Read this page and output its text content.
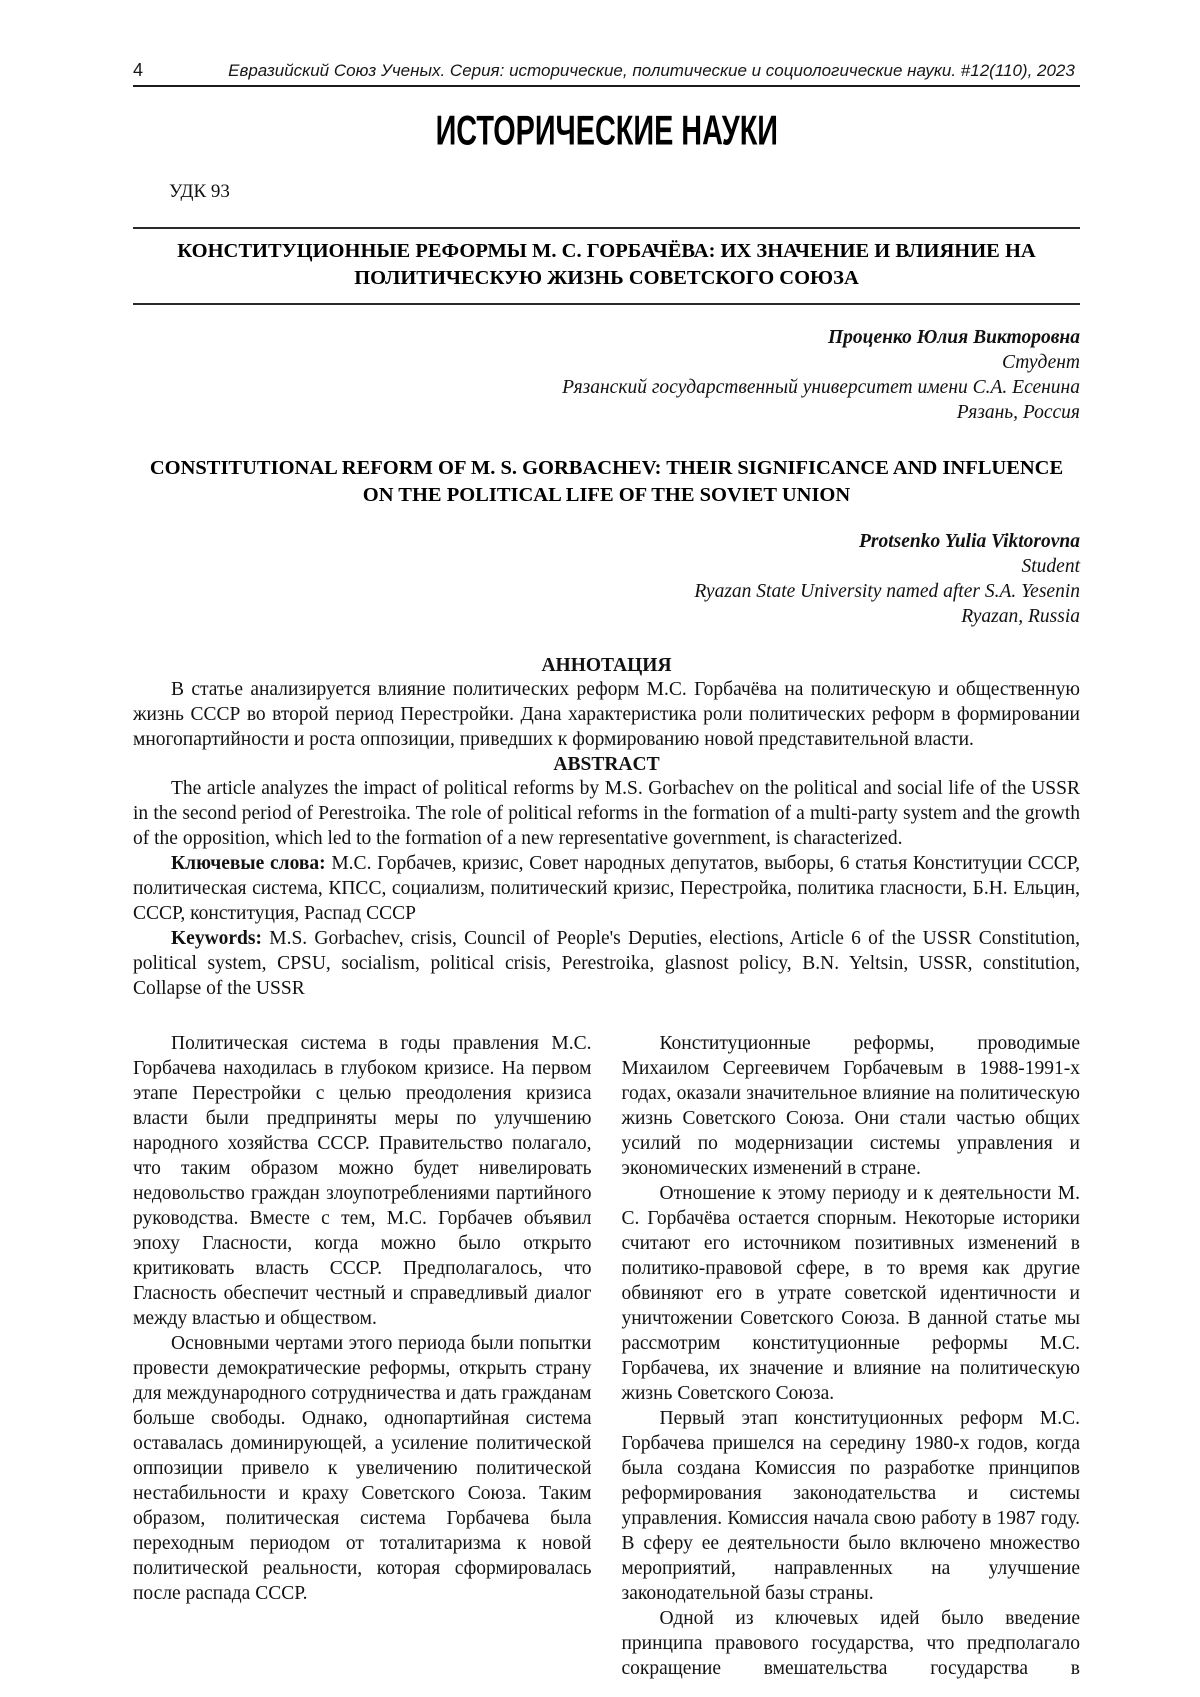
4	Евразийский Союз Ученых. Серия: исторические, политические и социологические науки. #12(110), 2023
ИСТОРИЧЕСКИЕ НАУКИ
УДК 93
КОНСТИТУЦИОННЫЕ РЕФОРМЫ М. С. ГОРБАЧЁВА: ИХ ЗНАЧЕНИЕ И ВЛИЯНИЕ НА ПОЛИТИЧЕСКУЮ ЖИЗНЬ СОВЕТСКОГО СОЮЗА
Проценко Юлия Викторовна
Студент
Рязанский государственный университет имени С.А. Есенина
Рязань, Россия
CONSTITUTIONAL REFORM OF M. S. GORBACHEV: THEIR SIGNIFICANCE AND INFLUENCE ON THE POLITICAL LIFE OF THE SOVIET UNION
Protsenko Yulia Viktorovna
Student
Ryazan State University named after S.A. Yesenin
Ryazan, Russia
АННОТАЦИЯ

В статье анализируется влияние политических реформ М.С. Горбачёва на политическую и общественную жизнь СССР во второй период Перестройки. Дана характеристика роли политических реформ в формировании многопартийности и роста оппозиции, приведших к формированию новой представительной власти.

ABSTRACT

The article analyzes the impact of political reforms by M.S. Gorbachev on the political and social life of the USSR in the second period of Perestroika. The role of political reforms in the formation of a multi-party system and the growth of the opposition, which led to the formation of a new representative government, is characterized.

Ключевые слова: М.С. Горбачев, кризис, Совет народных депутатов, выборы, 6 статья Конституции СССР, политическая система, КПСС, социализм, политический кризис, Перестройка, политика гласности, Б.Н. Ельцин, СССР, конституция, Распад СССР

Keywords: M.S. Gorbachev, crisis, Council of People's Deputies, elections, Article 6 of the USSR Constitution, political system, CPSU, socialism, political crisis, Perestroika, glasnost policy, B.N. Yeltsin, USSR, constitution, Collapse of the USSR

Политическая система в годы правления М.С. Горбачева находилась в глубоком кризисе. На первом этапе Перестройки с целью преодоления кризиса власти были предприняты меры по улучшению народного хозяйства СССР. Правительство полагало, что таким образом можно будет нивелировать недовольство граждан злоупотреблениями партийного руководства. Вместе с тем, М.С. Горбачев объявил эпоху Гласности, когда можно было открыто критиковать власть СССР. Предполагалось, что Гласность обеспечит честный и справедливый диалог между властью и обществом.

Основными чертами этого периода были попытки провести демократические реформы, открыть страну для международного сотрудничества и дать гражданам больше свободы. Однако, однопартийная система оставалась доминирующей, а усиление политической оппозиции привело к увеличению политической нестабильности и краху Советского Союза. Таким образом, политическая система Горбачева была переходным периодом от тоталитаризма к новой политической реальности, которая сформировалась после распада СССР.

Конституционные реформы, проводимые Михаилом Сергеевичем Горбачевым в 1988-1991-х годах, оказали значительное влияние на политическую жизнь Советского Союза. Они стали частью общих усилий по модернизации системы управления и экономических изменений в стране.

Отношение к этому периоду и к деятельности М. С. Горбачёва остается спорным. Некоторые историки считают его источником позитивных изменений в политико-правовой сфере, в то время как другие обвиняют его в утрате советской идентичности и уничтожении Советского Союза. В данной статье мы рассмотрим конституционные реформы М.С. Горбачева, их значение и влияние на политическую жизнь Советского Союза.

Первый этап конституционных реформ М.С. Горбачева пришелся на середину 1980-х годов, когда была создана Комиссия по разработке принципов реформирования законодательства и системы управления. Комиссия начала свою работу в 1987 году. В сферу ее деятельности было включено множество мероприятий, направленных на улучшение законодательной базы страны.

Одной из ключевых идей было введение принципа правового государства, что предполагало сокращение вмешательства государства в
